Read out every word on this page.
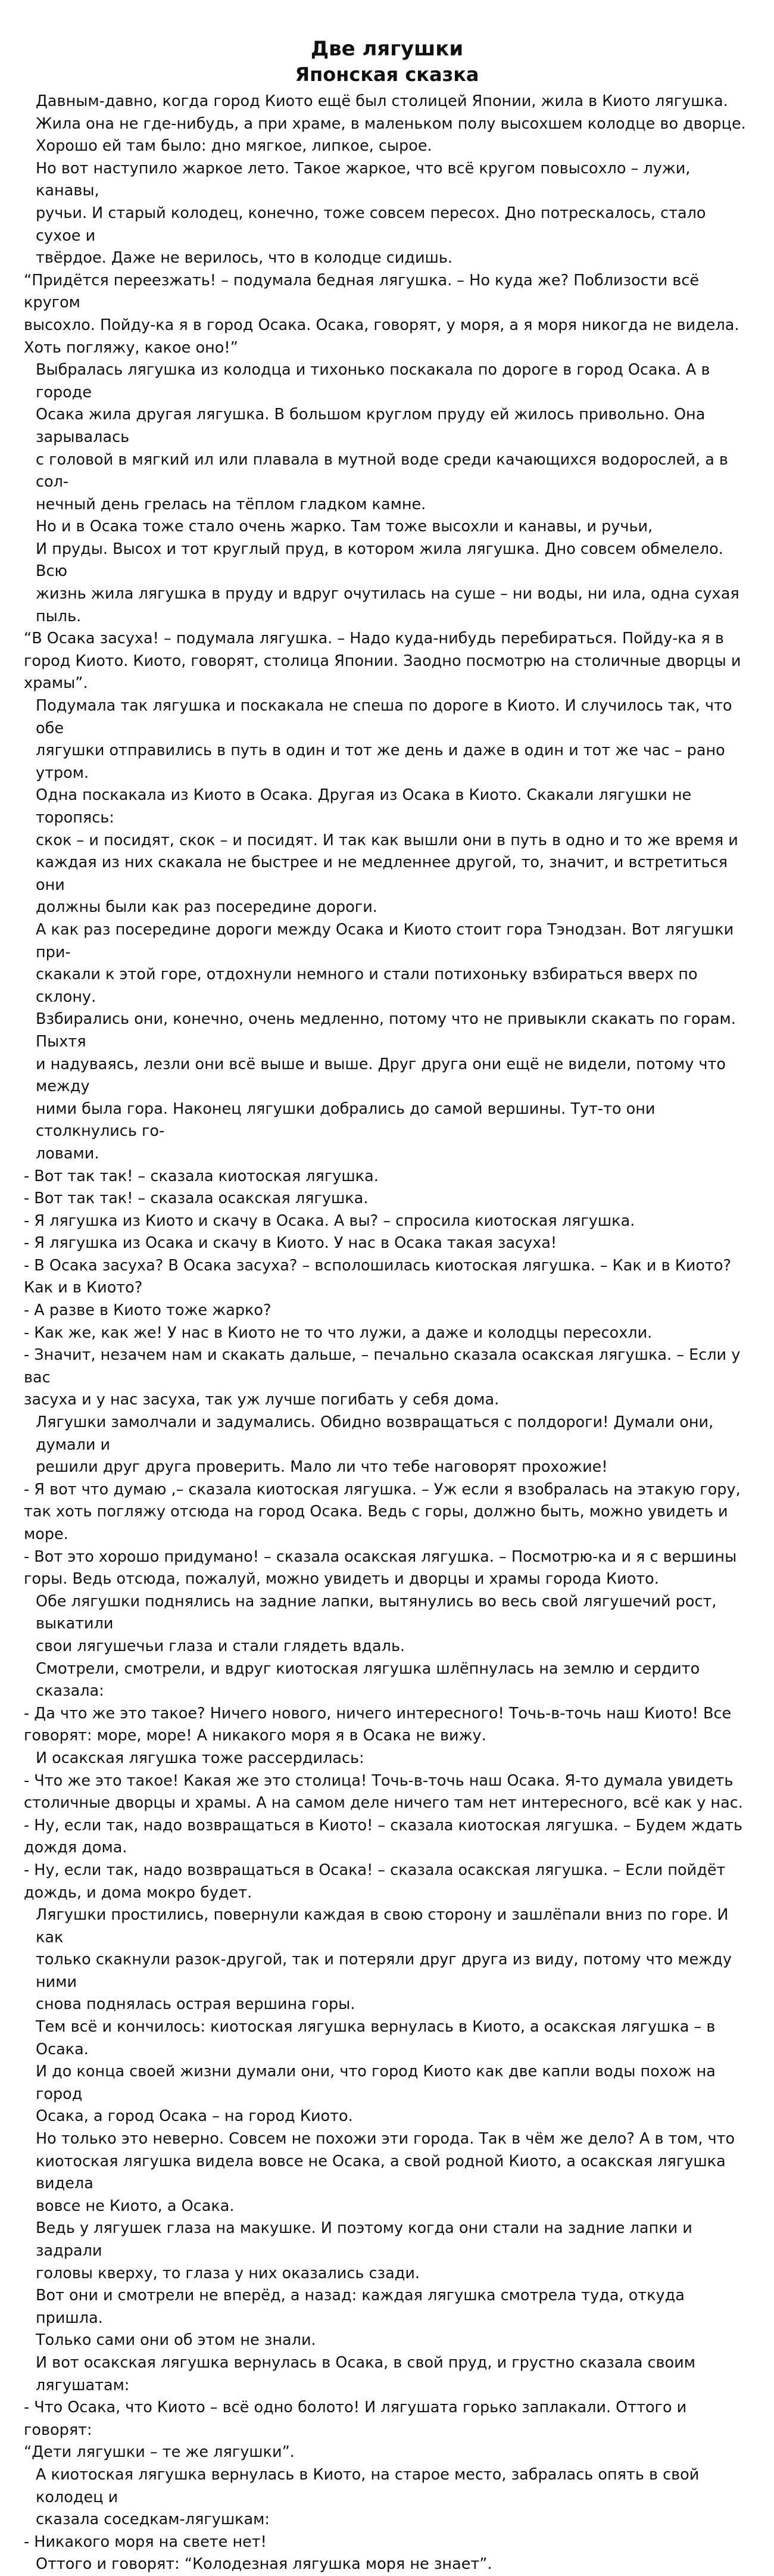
Две лягушки
Японская сказка

Давным-давно, когда город Киото ещё был столицей Японии, жила в Киото лягушка.
Жила она не где-нибудь, а при храме, в маленьком полу высохшем колодце во дворце.
Хорошо ей там было: дно мягкое, липкое, сырое.

Но вот наступило жаркое лето. Такое жаркое, что всё кругом повысохло – лужи, канавы,
ручьи. И старый колодец, конечно, тоже совсем пересох. Дно потрескалось, стало сухое и
твёрдое. Даже не верилось, что в колодце сидишь.

“Придётся переезжать! – подумала бедная лягушка. – Но куда же? Поблизости всё кругом
высохло. Пойду-ка я в город Осака. Осака, говорят, у моря, а я моря никогда не видела.
Хоть погляжу, какое оно!”

Выбралась лягушка из колодца и тихонько поскакала по дороге в город Осака. А в городе
Осака жила другая лягушка. В большом круглом пруду ей жилось привольно. Она зарывалась
с головой в мягкий ил или плавала в мутной воде среди качающихся водорослей, а в сол-
нечный день грелась на тёплом гладком камне.

Но и в Осака тоже стало очень жарко. Там тоже высохли и канавы, и ручьи,
И пруды. Высох и тот круглый пруд, в котором жила лягушка. Дно совсем обмелело. Всю
жизнь жила лягушка в пруду и вдруг очутилась на суше – ни воды, ни ила, одна сухая пыль.

“В Осака засуха! – подумала лягушка. – Надо куда-нибудь перебираться. Пойду-ка я в
город Киото. Киото, говорят, столица Японии. Заодно посмотрю на столичные дворцы и
храмы”.

Подумала так лягушка и поскакала не спеша по дороге в Киото. И случилось так, что обе
лягушки отправились в путь в один и тот же день и даже в один и тот же час – рано утром.
Одна поскакала из Киото в Осака. Другая из Осака в Киото. Скакали лягушки не торопясь:
скок – и посидят, скок – и посидят. И так как вышли они в путь в одно и то же время и
каждая из них скакала не быстрее и не медленнее другой, то, значит, и встретиться они
должны были как раз посередине дороги.

А как раз посередине дороги между Осака и Киото стоит гора Тэнодзан. Вот лягушки при-
скакали к этой горе, отдохнули немного и стали потихоньку взбираться вверх по склону.
Взбирались они, конечно, очень медленно, потому что не привыкли скакать по горам. Пыхтя
и надуваясь, лезли они всё выше и выше. Друг друга они ещё не видели, потому что между
ними была гора. Наконец лягушки добрались до самой вершины. Тут-то они столкнулись го-
ловами.

- Вот так так! – сказала киотоская лягушка.

- Вот так так! – сказала осакская лягушка.

- Я лягушка из Киото и скачу в Осака. А вы? – спросила киотоская лягушка.

- Я лягушка из Осака и скачу в Киото. У нас в Осака такая засуха!

- В Осака засуха? В Осака засуха? – всполошилась киотоская лягушка. – Как и в Киото?
Как и в Киото?

- А разве в Киото тоже жарко?

- Как же, как же! У нас в Киото не то что лужи, а даже и колодцы пересохли.

- Значит, незачем нам и скакать дальше, – печально сказала осакская лягушка. – Если у вас
засуха и у нас засуха, так уж лучше погибать у себя дома.

Лягушки замолчали и задумались. Обидно возвращаться с полдороги! Думали они, думали и
решили друг друга проверить. Мало ли что тебе наговорят прохожие!

- Я вот что думаю ,– сказала киотоская лягушка. – Уж если я взобралась на этакую гору,
так хоть погляжу отсюда на город Осака. Ведь с горы, должно быть, можно увидеть и
море.

- Вот это хорошо придумано! – сказала осакская лягушка. – Посмотрю-ка и я с вершины
горы. Ведь отсюда, пожалуй, можно увидеть и дворцы и храмы города Киото.

Обе лягушки поднялись на задние лапки, вытянулись во весь свой лягушечий рост, выкатили
свои лягушечьи глаза и стали глядеть вдаль.

Смотрели, смотрели, и вдруг киотоская лягушка шлёпнулась на землю и сердито сказала:

- Да что же это такое? Ничего нового, ничего интересного! Точь-в-точь наш Киото! Все
говорят: море, море! А никакого моря я в Осака не вижу.

И осакская лягушка тоже рассердилась:

- Что же это такое! Какая же это столица! Точь-в-точь наш Осака. Я-то думала увидеть
столичные дворцы и храмы. А на самом деле ничего там нет интересного, всё как у нас.

- Ну, если так, надо возвращаться в Киото! – сказала киотоская лягушка. – Будем ждать
дождя дома.

- Ну, если так, надо возвращаться в Осака! – сказала осакская лягушка. – Если пойдёт
дождь, и дома мокро будет.

Лягушки простились, повернули каждая в свою сторону и зашлёпали вниз по горе. И как
только скакнули разок-другой, так и потеряли друг друга из виду, потому что между ними
снова поднялась острая вершина горы.

Тем всё и кончилось: киотоская лягушка вернулась в Киото, а осакская лягушка – в Осака.
И до конца своей жизни думали они, что город Киото как две капли воды похож на город
Осака, а город Осака – на город Киото.

Но только это неверно. Совсем не похожи эти города. Так в чём же дело? А в том, что
киотоская лягушка видела вовсе не Осака, а свой родной Киото, а осакская лягушка видела
вовсе не Киото, а Осака.

Ведь у лягушек глаза на макушке. И поэтому когда они стали на задние лапки и задрали
головы кверху, то глаза у них оказались сзади.

Вот они и смотрели не вперёд, а назад: каждая лягушка смотрела туда, откуда пришла.
Только сами они об этом не знали.

И вот осакская лягушка вернулась в Осака, в свой пруд, и грустно сказала своим лягушатам:

- Что Осака, что Киото – всё одно болото! И лягушата горько заплакали. Оттого и говорят:
“Дети лягушки – те же лягушки”.

А киотоская лягушка вернулась в Киото, на старое место, забралась опять в свой колодец и
сказала соседкам-лягушкам:

- Никакого моря на свете нет!

Оттого и говорят: “Колодезная лягушка моря не знает”.
